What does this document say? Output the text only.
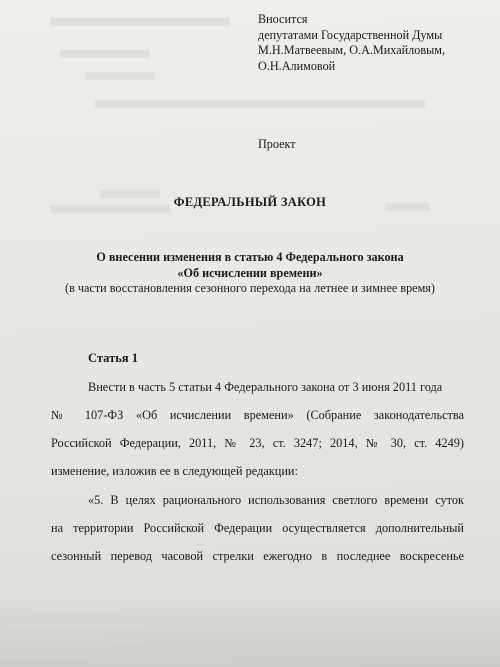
Вносится
депутатами Государственной Думы
М.Н.Матвеевым, О.А.Михайловым,
О.Н.Алимовой
Проект
ФЕДЕРАЛЬНЫЙ ЗАКОН
О внесении изменения в статью 4 Федерального закона
«Об исчислении времени»
(в части восстановления сезонного перехода на летнее и зимнее время)
Статья 1
Внести в часть 5 статьи 4 Федерального закона от 3 июня 2011 года
№ 107-ФЗ «Об исчислении времени» (Собрание законодательства
Российской Федерации, 2011, № 23, ст. 3247; 2014, № 30, ст. 4249)
изменение, изложив ее в следующей редакции:
«5. В целях рационального использования светлого времени суток
на территории Российской Федерации осуществляется дополнительный
сезонный перевод часовой стрелки ежегодно в последнее воскресенье
